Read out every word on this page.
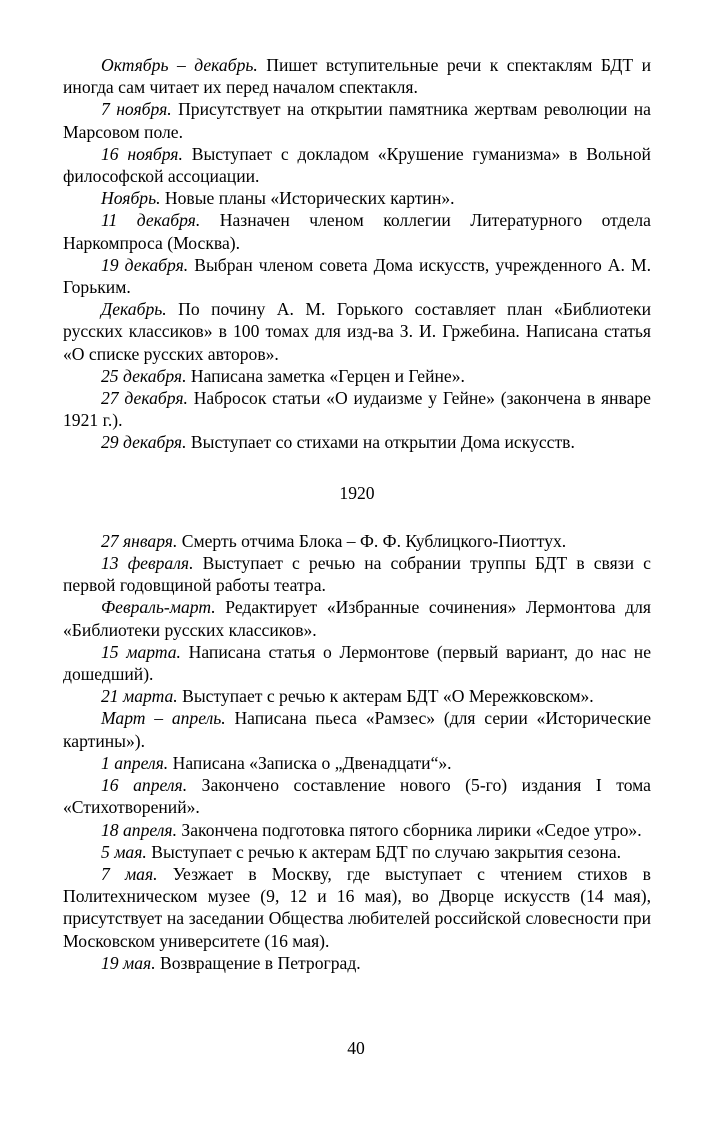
Октябрь – декабрь. Пишет вступительные речи к спектаклям БДТ и иногда сам читает их перед началом спектакля.

7 ноября. Присутствует на открытии памятника жертвам революции на Марсовом поле.

16 ноября. Выступает с докладом «Крушение гуманизма» в Вольной философской ассоциации.

Ноябрь. Новые планы «Исторических картин».

11 декабря. Назначен членом коллегии Литературного отдела Наркомпроса (Москва).

19 декабря. Выбран членом совета Дома искусств, учрежденного А. М. Горьким.

Декабрь. По почину А. М. Горького составляет план «Библиотеки русских классиков» в 100 томах для изд-ва З. И. Гржебина. Написана статья «О списке русских авторов».

25 декабря. Написана заметка «Герцен и Гейне».

27 декабря. Набросок статьи «О иудаизме у Гейне» (закончена в январе 1921 г.).

29 декабря. Выступает со стихами на открытии Дома искусств.

1920

27 января. Смерть отчима Блока – Ф. Ф. Кублицкого-Пиоттух.

13 февраля. Выступает с речью на собрании труппы БДТ в связи с первой годовщиной работы театра.

Февраль-март. Редактирует «Избранные сочинения» Лермонтова для «Библиотеки русских классиков».

15 марта. Написана статья о Лермонтове (первый вариант, до нас не дошедший).

21 марта. Выступает с речью к актерам БДТ «О Мережковском».

Март – апрель. Написана пьеса «Рамзес» (для серии «Исторические картины»).

1 апреля. Написана «Записка о „Двенадцати“».

16 апреля. Закончено составление нового (5-го) издания I тома «Стихотворений».

18 апреля. Закончена подготовка пятого сборника лирики «Седое утро».

5 мая. Выступает с речью к актерам БДТ по случаю закрытия сезона.

7 мая. Уезжает в Москву, где выступает с чтением стихов в Политехническом музее (9, 12 и 16 мая), во Дворце искусств (14 мая), присутствует на заседании Общества любителей российской словесности при Московском университете (16 мая).

19 мая. Возвращение в Петроград.

40
